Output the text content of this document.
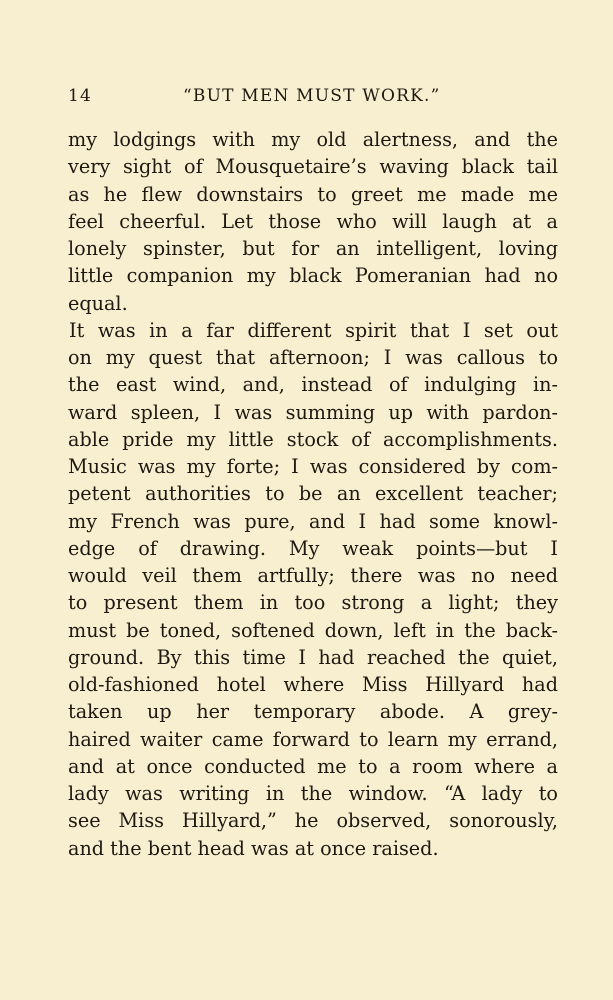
14	“BUT MEN MUST WORK.”
my lodgings with my old alertness, and the
very sight of Mousquetaire’s waving black tail
as he flew downstairs to greet me made me
feel cheerful. Let those who will laugh at a
lonely spinster, but for an intelligent, loving
little companion my black Pomeranian had no
equal.
It was in a far different spirit that I set out
on my quest that afternoon; I was callous to
the east wind, and, instead of indulging in-
ward spleen, I was summing up with pardon-
able pride my little stock of accomplishments.
Music was my forte; I was considered by com-
petent authorities to be an excellent teacher;
my French was pure, and I had some knowl-
edge of drawing. My weak points—but I
would veil them artfully; there was no need
to present them in too strong a light; they
must be toned, softened down, left in the back-
ground. By this time I had reached the quiet,
old-fashioned hotel where Miss Hillyard had
taken up her temporary abode. A grey-
haired waiter came forward to learn my errand,
and at once conducted me to a room where a
lady was writing in the window. “A lady to
see Miss Hillyard,” he observed, sonorously,
and the bent head was at once raised.
